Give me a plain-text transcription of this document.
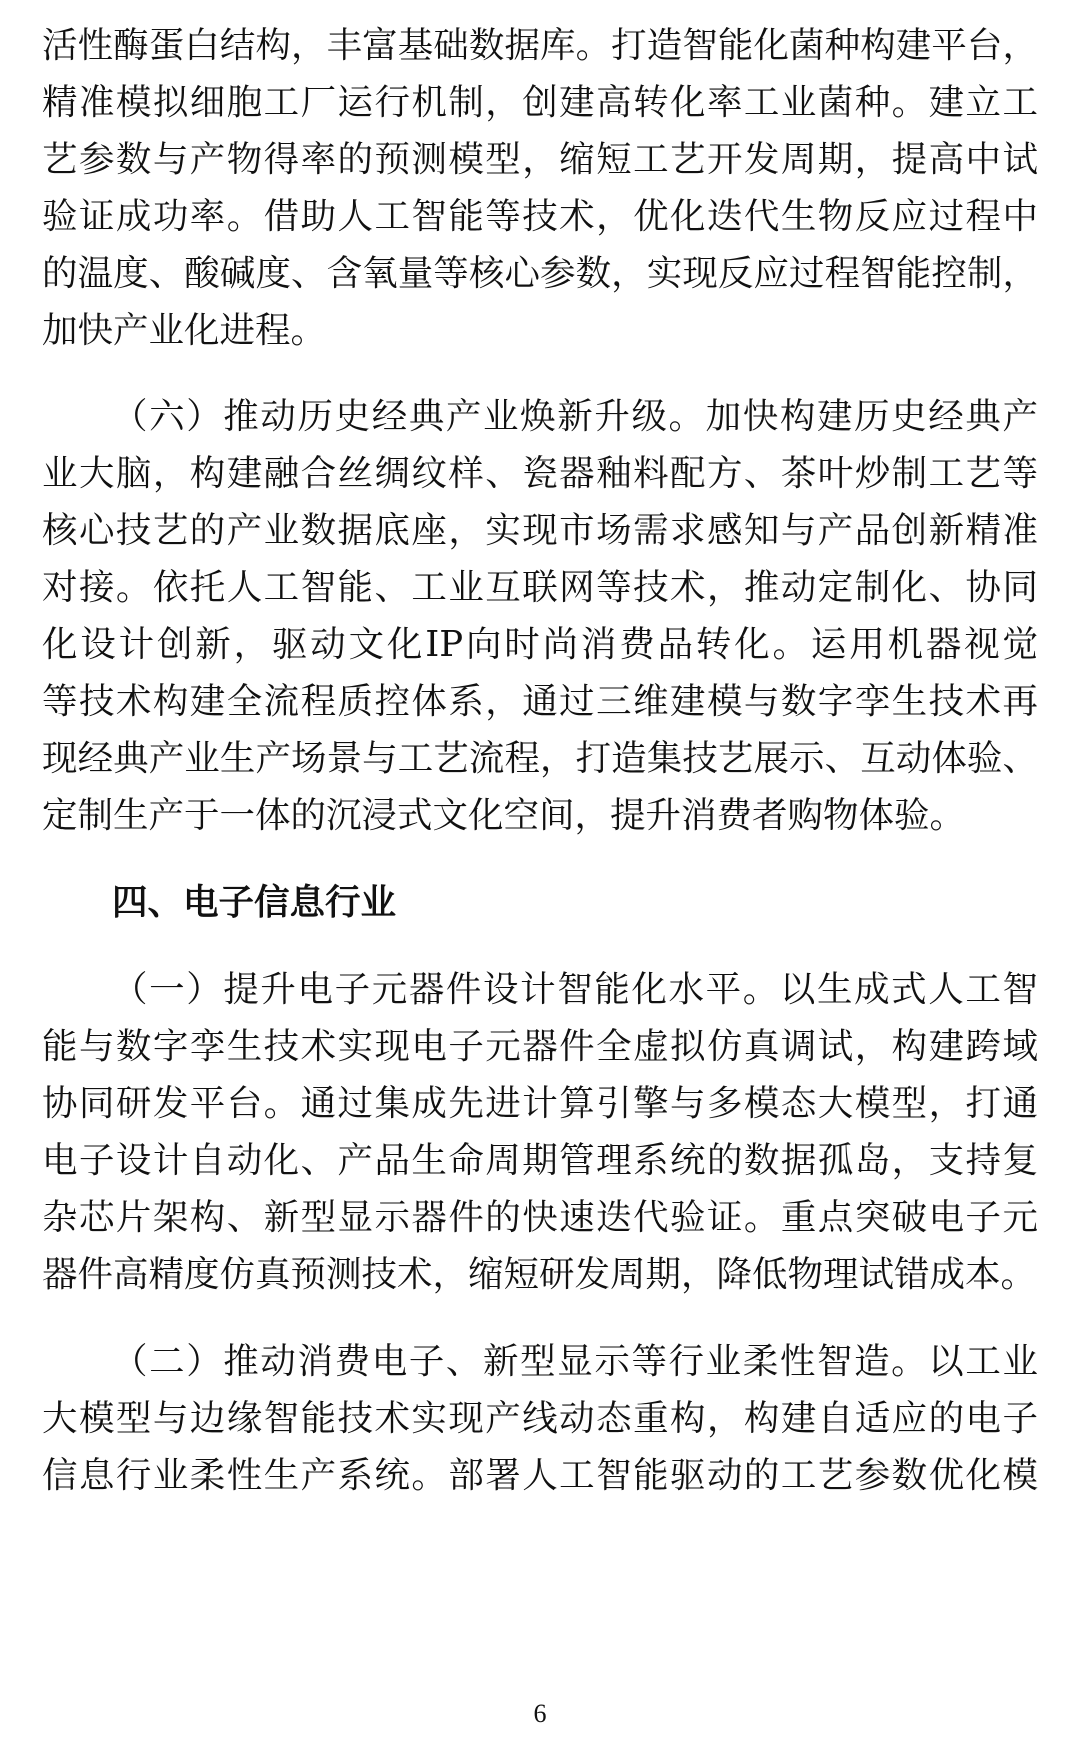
活性酶蛋白结构，丰富基础数据库。打造智能化菌种构建平台，
精准模拟细胞工厂运行机制，创建高转化率工业菌种。建立工
艺参数与产物得率的预测模型，缩短工艺开发周期，提高中试
验证成功率。借助人工智能等技术，优化迭代生物反应过程中
的温度、酸碱度、含氧量等核心参数，实现反应过程智能控制，
加快产业化进程。
（六）推动历史经典产业焕新升级。加快构建历史经典产
业大脑，构建融合丝绸纹样、瓷器釉料配方、茶叶炒制工艺等
核心技艺的产业数据底座，实现市场需求感知与产品创新精准
对接。依托人工智能、工业互联网等技术，推动定制化、协同
化设计创新，驱动文化IP向时尚消费品转化。运用机器视觉
等技术构建全流程质控体系，通过三维建模与数字孪生技术再
现经典产业生产场景与工艺流程，打造集技艺展示、互动体验、
定制生产于一体的沉浸式文化空间，提升消费者购物体验。
四、电子信息行业
（一）提升电子元器件设计智能化水平。以生成式人工智
能与数字孪生技术实现电子元器件全虚拟仿真调试，构建跨域
协同研发平台。通过集成先进计算引擎与多模态大模型，打通
电子设计自动化、产品生命周期管理系统的数据孤岛，支持复
杂芯片架构、新型显示器件的快速迭代验证。重点突破电子元
器件高精度仿真预测技术，缩短研发周期，降低物理试错成本。
（二）推动消费电子、新型显示等行业柔性智造。以工业
大模型与边缘智能技术实现产线动态重构，构建自适应的电子
信息行业柔性生产系统。部署人工智能驱动的工艺参数优化模
6
